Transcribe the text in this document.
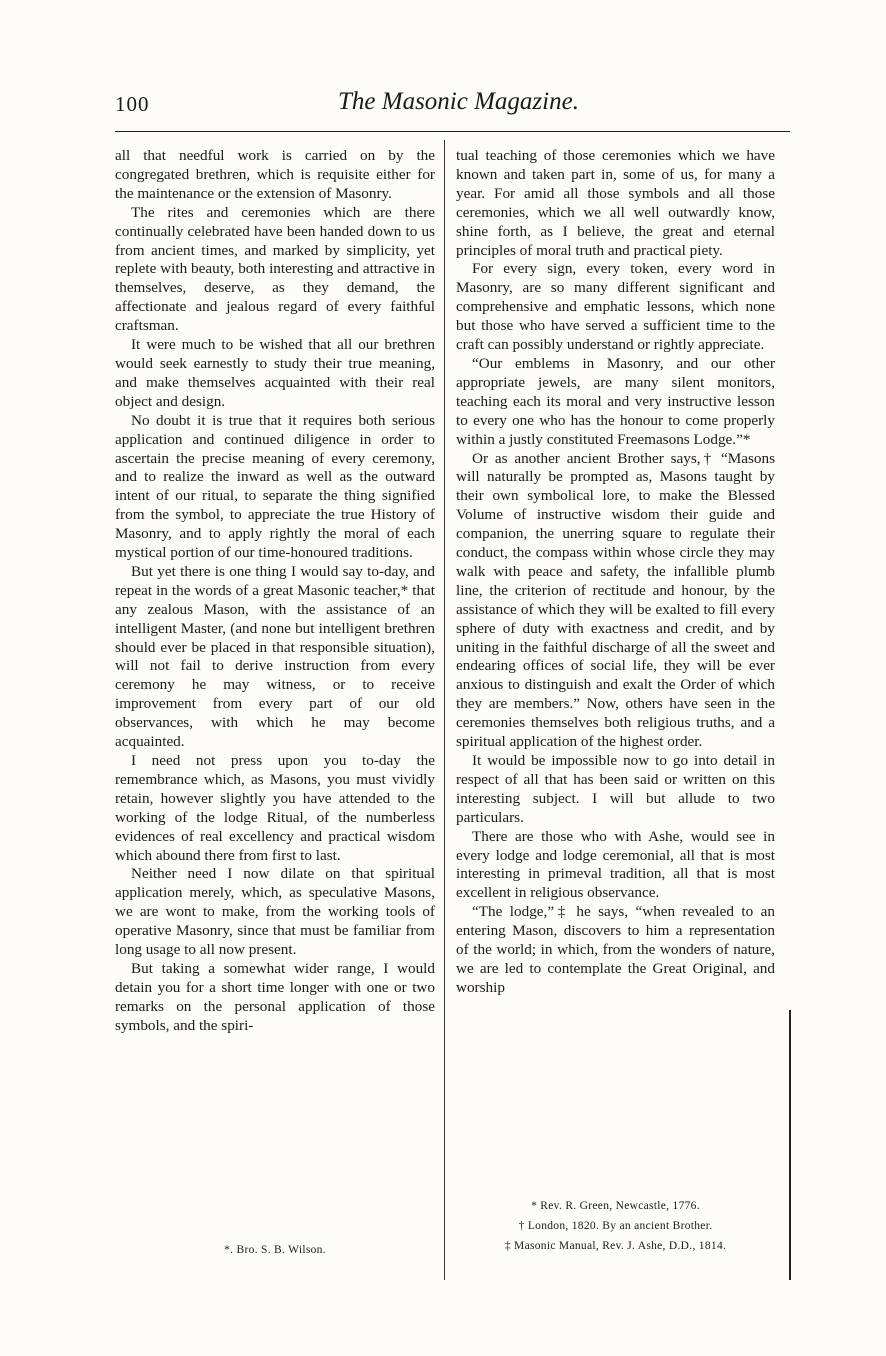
100	The Masonic Magazine.

all that needful work is carried on by the congregated brethren, which is requisite either for the maintenance or the extension of Masonry.

The rites and ceremonies which are there continually celebrated have been handed down to us from ancient times, and marked by simplicity, yet replete with beauty, both interesting and attractive in themselves, deserve, as they demand, the affectionate and jealous regard of every faithful craftsman.

It were much to be wished that all our brethren would seek earnestly to study their true meaning, and make themselves acquainted with their real object and design.

No doubt it is true that it requires both serious application and continued diligence in order to ascertain the precise meaning of every ceremony, and to realize the inward as well as the outward intent of our ritual, to separate the thing signified from the symbol, to appreciate the true History of Masonry, and to apply rightly the moral of each mystical portion of our time-honoured traditions.

But yet there is one thing I would say to-day, and repeat in the words of a great Masonic teacher,* that any zealous Mason, with the assistance of an intelligent Master, (and none but intelligent brethren should ever be placed in that responsible situation), will not fail to derive instruction from every ceremony he may witness, or to receive improvement from every part of our old observances, with which he may become acquainted.

I need not press upon you to-day the remembrance which, as Masons, you must vividly retain, however slightly you have attended to the working of the lodge Ritual, of the numberless evidences of real excellency and practical wisdom which abound there from first to last.

Neither need I now dilate on that spiritual application merely, which, as speculative Masons, we are wont to make, from the working tools of operative Masonry, since that must be familiar from long usage to all now present.

But taking a somewhat wider range, I would detain you for a short time longer with one or two remarks on the personal application of those symbols, and the spiri-

*. Bro. S. B. Wilson.

tual teaching of those ceremonies which we have known and taken part in, some of us, for many a year. For amid all those symbols and all those ceremonies, which we all well outwardly know, shine forth, as I believe, the great and eternal principles of moral truth and practical piety.

For every sign, every token, every word in Masonry, are so many different significant and comprehensive and emphatic lessons, which none but those who have served a sufficient time to the craft can possibly understand or rightly appreciate.

“Our emblems in Masonry, and our other appropriate jewels, are many silent monitors, teaching each its moral and very instructive lesson to every one who has the honour to come properly within a justly constituted Freemasons Lodge.”*

Or as another ancient Brother says,† “Masons will naturally be prompted as, Masons taught by their own symbolical lore, to make the Blessed Volume of instructive wisdom their guide and companion, the unerring square to regulate their conduct, the compass within whose circle they may walk with peace and safety, the infallible plumb line, the criterion of rectitude and honour, by the assistance of which they will be exalted to fill every sphere of duty with exactness and credit, and by uniting in the faithful discharge of all the sweet and endearing offices of social life, they will be ever anxious to distinguish and exalt the Order of which they are members.” Now, others have seen in the ceremonies themselves both religious truths, and a spiritual application of the highest order.

It would be impossible now to go into detail in respect of all that has been said or written on this interesting subject. I will but allude to two particulars.

There are those who with Ashe, would see in every lodge and lodge ceremonial, all that is most interesting in primeval tradition, all that is most excellent in religious observance.

“The lodge,”‡ he says, “when revealed to an entering Mason, discovers to him a representation of the world; in which, from the wonders of nature, we are led to contemplate the Great Original, and worship

* Rev. R. Green, Newcastle, 1776.

† London, 1820. By an ancient Brother.

‡ Masonic Manual, Rev. J. Ashe, D.D., 1814.
